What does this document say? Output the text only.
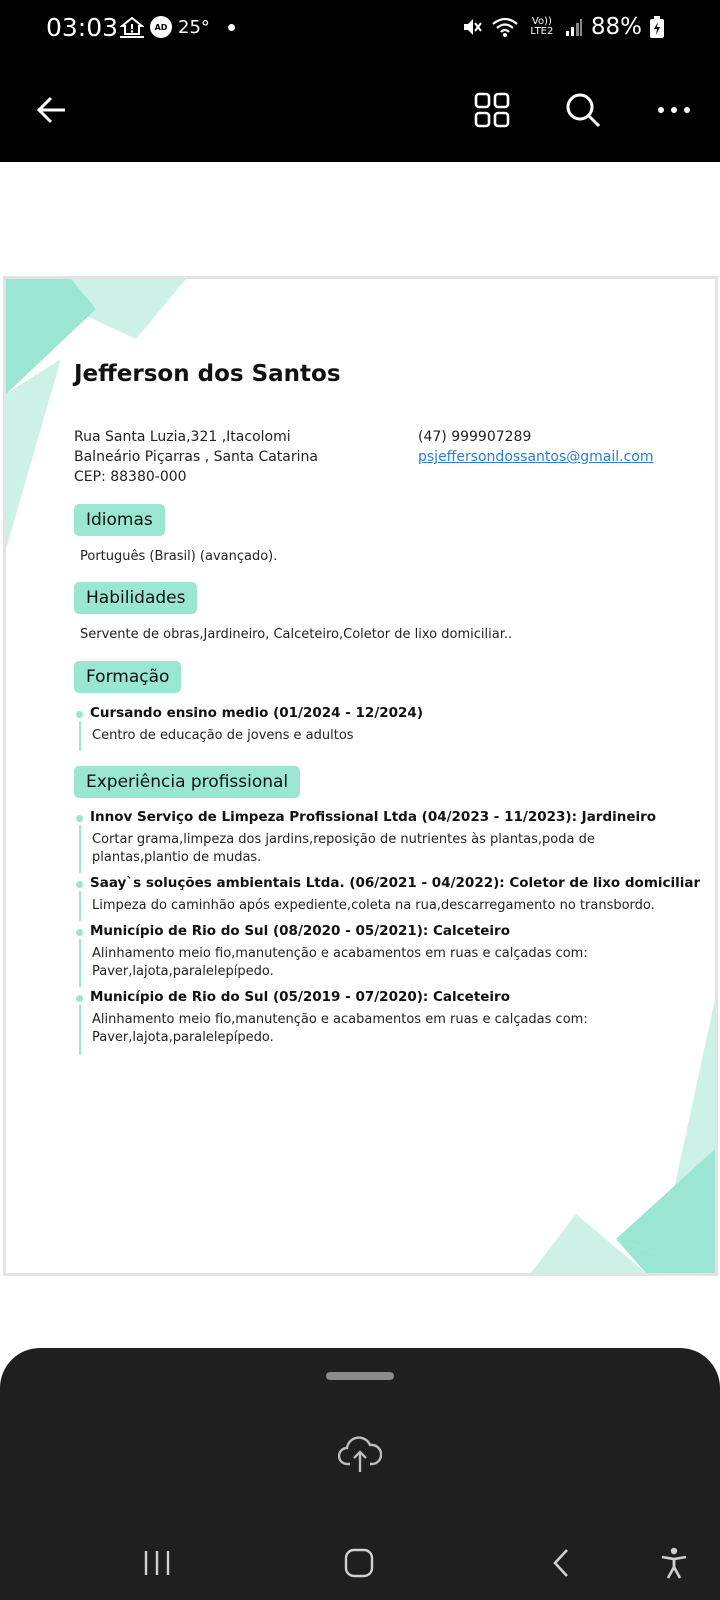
03:03	AD 25°	Vo)) LTE2 88%
Jefferson dos Santos
Rua Santa Luzia,321 ,Itacolomi
Balneário Piçarras , Santa Catarina
CEP: 88380-000
(47) 999907289
psjeffersondossantos@gmail.com
Idiomas
Português (Brasil) (avançado).
Habilidades
Servente de obras,Jardineiro, Calceteiro,Coletor de lixo domiciliar..
Formação
Cursando ensino medio (01/2024 - 12/2024)
Centro de educação de jovens e adultos
Experiência profissional
Innov Serviço de Limpeza Profissional Ltda (04/2023 - 11/2023): Jardineiro
Cortar grama,limpeza dos jardins,reposição de nutrientes às plantas,poda de plantas,plantio de mudas.
Saay`s soluções ambientais Ltda. (06/2021 - 04/2022): Coletor de lixo domiciliar
Limpeza do caminhão após expediente,coleta na rua,descarregamento no transbordo.
Município de Rio do Sul (08/2020 - 05/2021): Calceteiro
Alinhamento meio fio,manutenção e acabamentos em ruas e calçadas com: Paver,lajota,paralelepípedo.
Município de Rio do Sul (05/2019 - 07/2020): Calceteiro
Alinhamento meio fio,manutenção e acabamentos em ruas e calçadas com: Paver,lajota,paralelepípedo.
